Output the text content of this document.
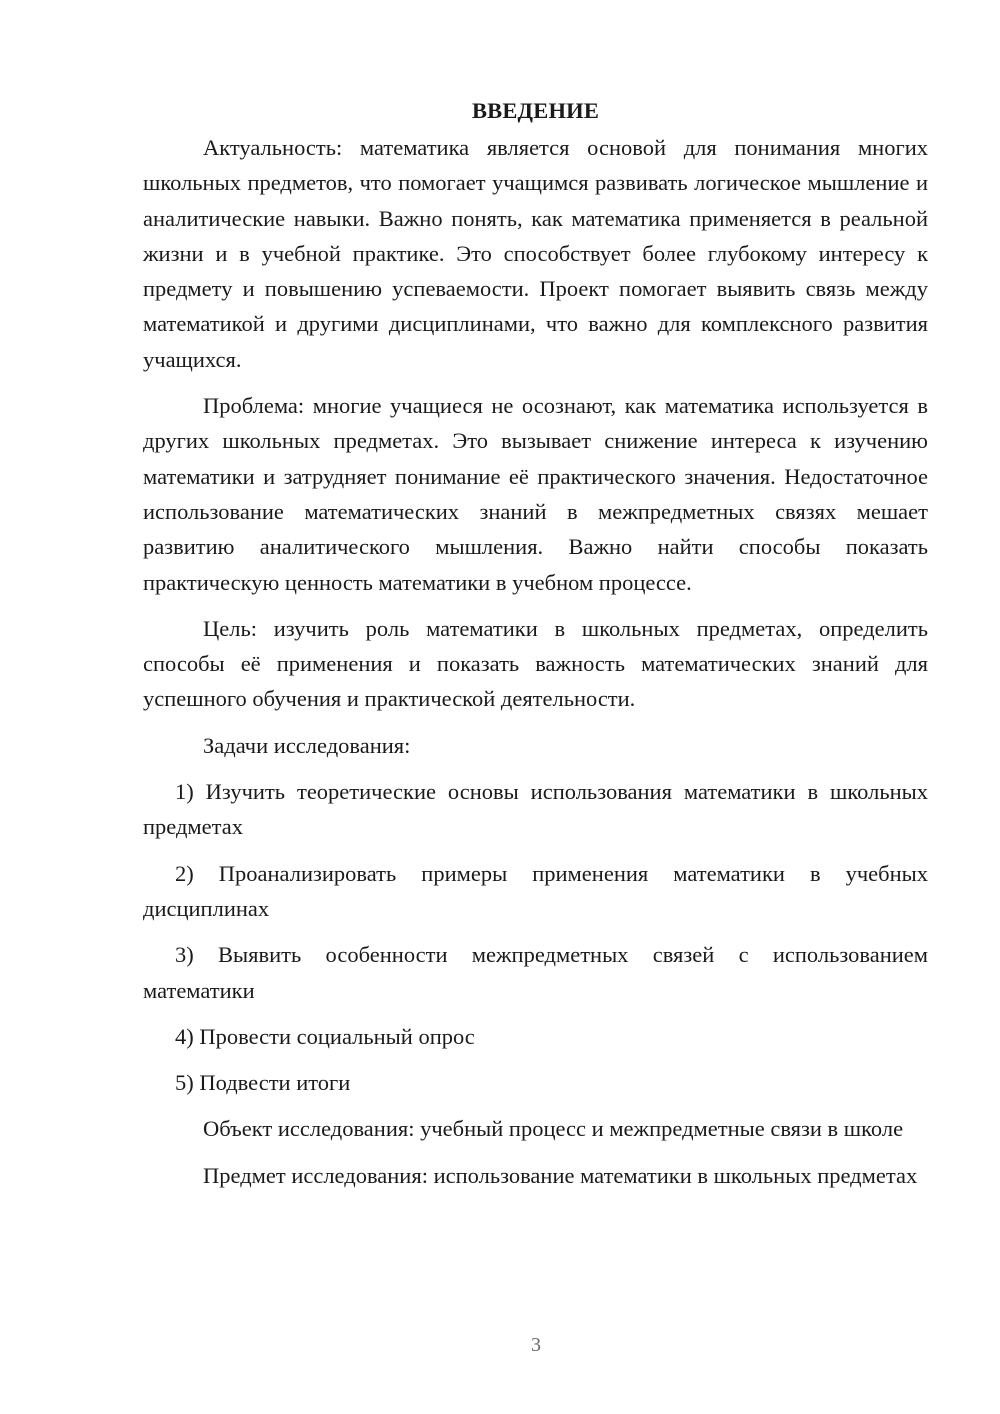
ВВЕДЕНИЕ

Актуальность: математика является основой для понимания многих школьных предметов, что помогает учащимся развивать логическое мышление и аналитические навыки. Важно понять, как математика применяется в реальной жизни и в учебной практике. Это способствует более глубокому интересу к предмету и повышению успеваемости. Проект помогает выявить связь между математикой и другими дисциплинами, что важно для комплексного развития учащихся.

Проблема: многие учащиеся не осознают, как математика используется в других школьных предметах. Это вызывает снижение интереса к изучению математики и затрудняет понимание её практического значения. Недостаточное использование математических знаний в межпредметных связях мешает развитию аналитического мышления. Важно найти способы показать практическую ценность математики в учебном процессе.

Цель: изучить роль математики в школьных предметах, определить способы её применения и показать важность математических знаний для успешного обучения и практической деятельности.

Задачи исследования:

1) Изучить теоретические основы использования математики в школьных предметах

2) Проанализировать примеры применения математики в учебных дисциплинах

3) Выявить особенности межпредметных связей с использованием математики

4) Провести социальный опрос

5) Подвести итоги

Объект исследования: учебный процесс и межпредметные связи в школе

Предмет исследования: использование математики в школьных предметах

3
